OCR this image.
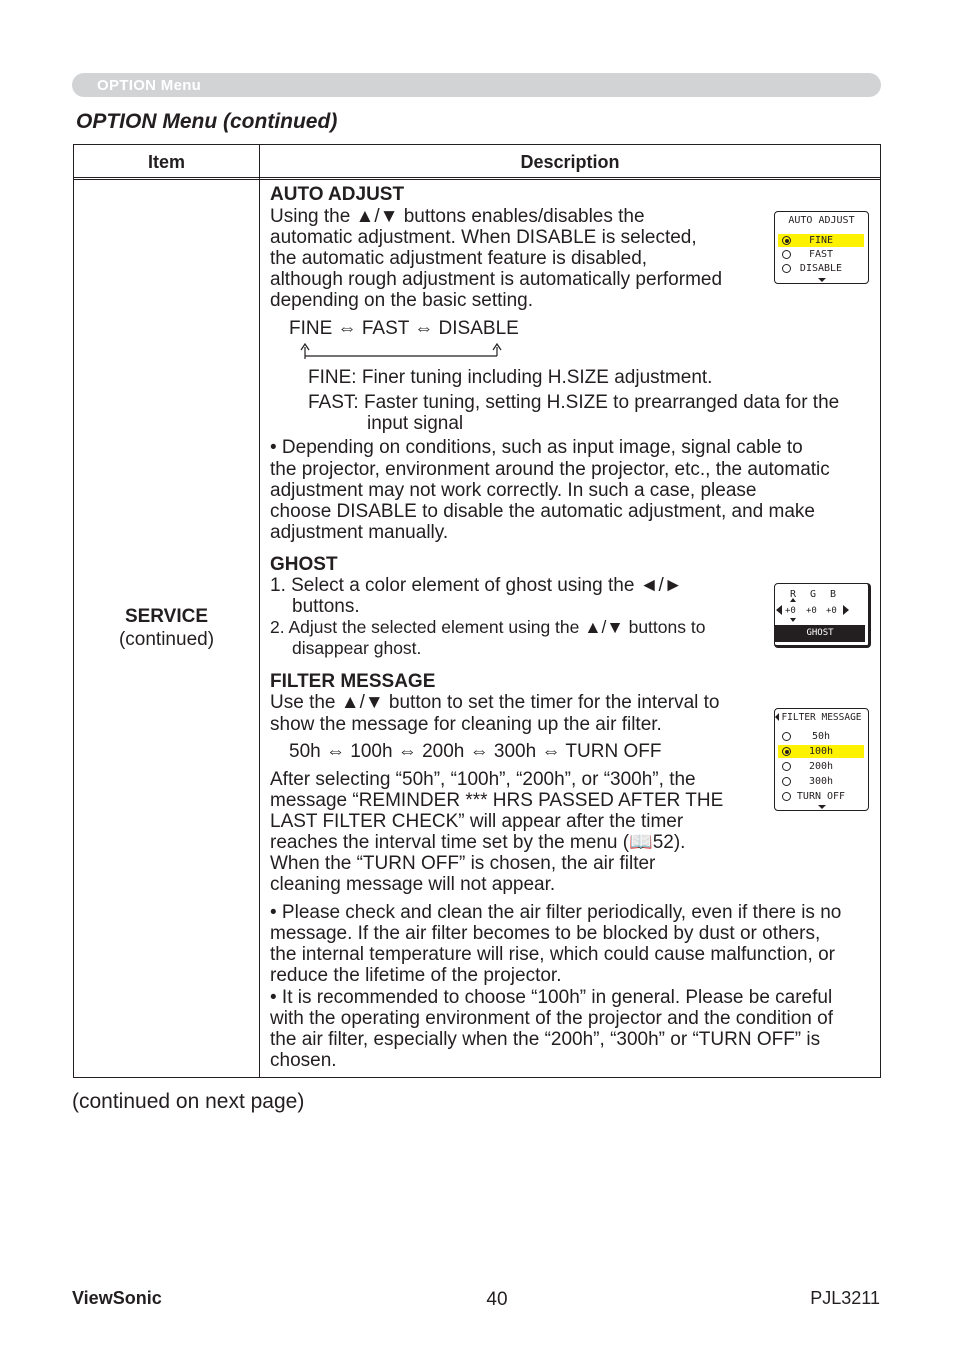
OPTION Menu
OPTION Menu (continued)
Item	Description
SERVICE
(continued)
AUTO ADJUST
Using the ▲/▼ buttons enables/disables the
automatic adjustment. When DISABLE is selected,
the automatic adjustment feature is disabled,
although rough adjustment is automatically performed
depending on the basic setting.
FINE ⇔ FAST ⇔ DISABLE
FINE: Finer tuning including H.SIZE adjustment.
FAST: Faster tuning, setting H.SIZE to prearranged data for the
input signal
• Depending on conditions, such as input image, signal cable to
the projector, environment around the projector, etc., the automatic
adjustment may not work correctly. In such a case, please
choose DISABLE to disable the automatic adjustment, and make
adjustment manually.
AUTO ADJUST
FINE
FAST
DISABLE
GHOST
1. Select a color element of ghost using the ◄/►
buttons.
2. Adjust the selected element using the ▲/▼ buttons to
disappear ghost.
R G B
+0 +0 +0
GHOST
FILTER MESSAGE
Use the ▲/▼ button to set the timer for the interval to
show the message for cleaning up the air filter.
50h ⇔ 100h ⇔ 200h ⇔ 300h ⇔ TURN OFF
After selecting “50h”, “100h”, “200h”, or “300h”, the
message “REMINDER *** HRS PASSED AFTER THE
LAST FILTER CHECK” will appear after the timer
reaches the interval time set by the menu (📖52).
When the “TURN OFF” is chosen, the air filter
cleaning message will not appear.
• Please check and clean the air filter periodically, even if there is no
message. If the air filter becomes to be blocked by dust or others,
the internal temperature will rise, which could cause malfunction, or
reduce the lifetime of the projector.
• It is recommended to choose “100h” in general. Please be careful
with the operating environment of the projector and the condition of
the air filter, especially when the “200h”, “300h” or “TURN OFF” is
chosen.
FILTER MESSAGE
50h
100h
200h
300h
TURN OFF
(continued on next page)
ViewSonic	40	PJL3211
